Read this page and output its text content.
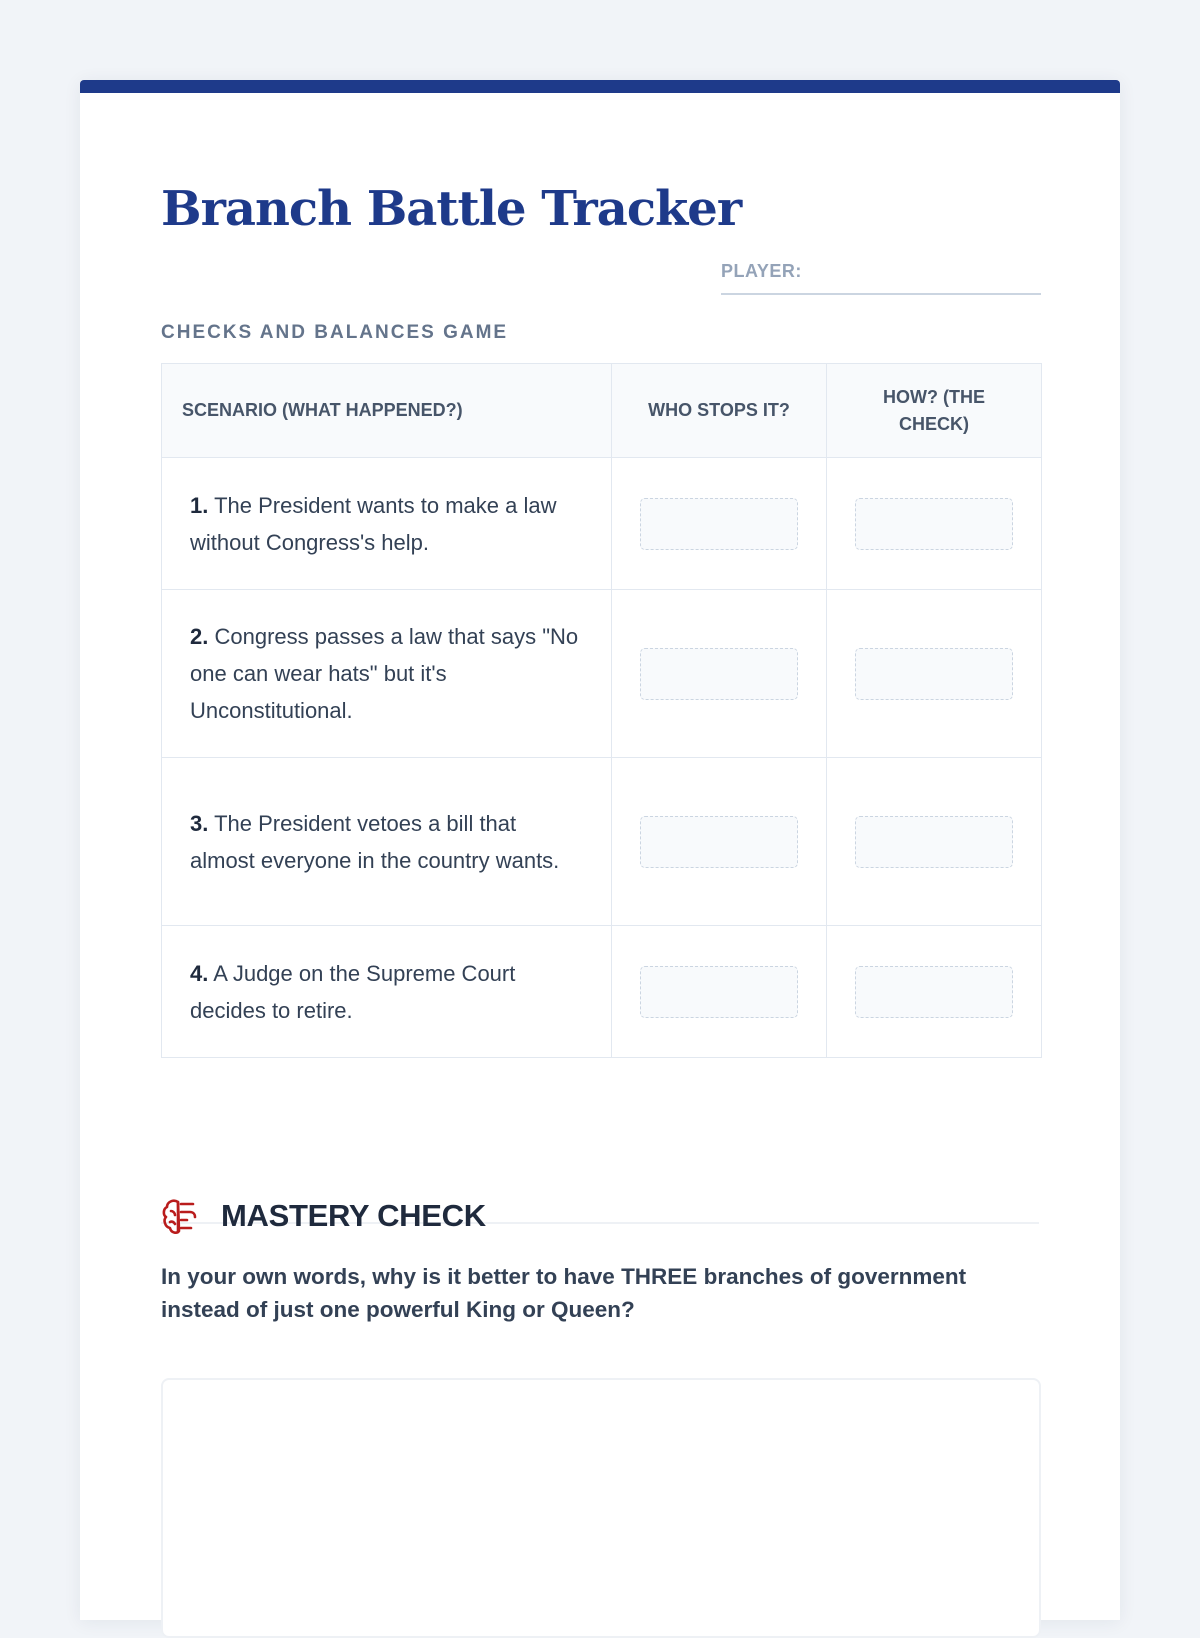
Branch Battle Tracker
PLAYER:
CHECKS AND BALANCES GAME
SCENARIO (WHAT HAPPENED?)	WHO STOPS IT?	HOW? (THE CHECK)
1. The President wants to make a law without Congress's help.		
2. Congress passes a law that says "No one can wear hats" but it's Unconstitutional.		
3. The President vetoes a bill that almost everyone in the country wants.		
4. A Judge on the Supreme Court decides to retire.		
MASTERY CHECK

In your own words, why is it better to have THREE branches of government instead of just one powerful King or Queen?
